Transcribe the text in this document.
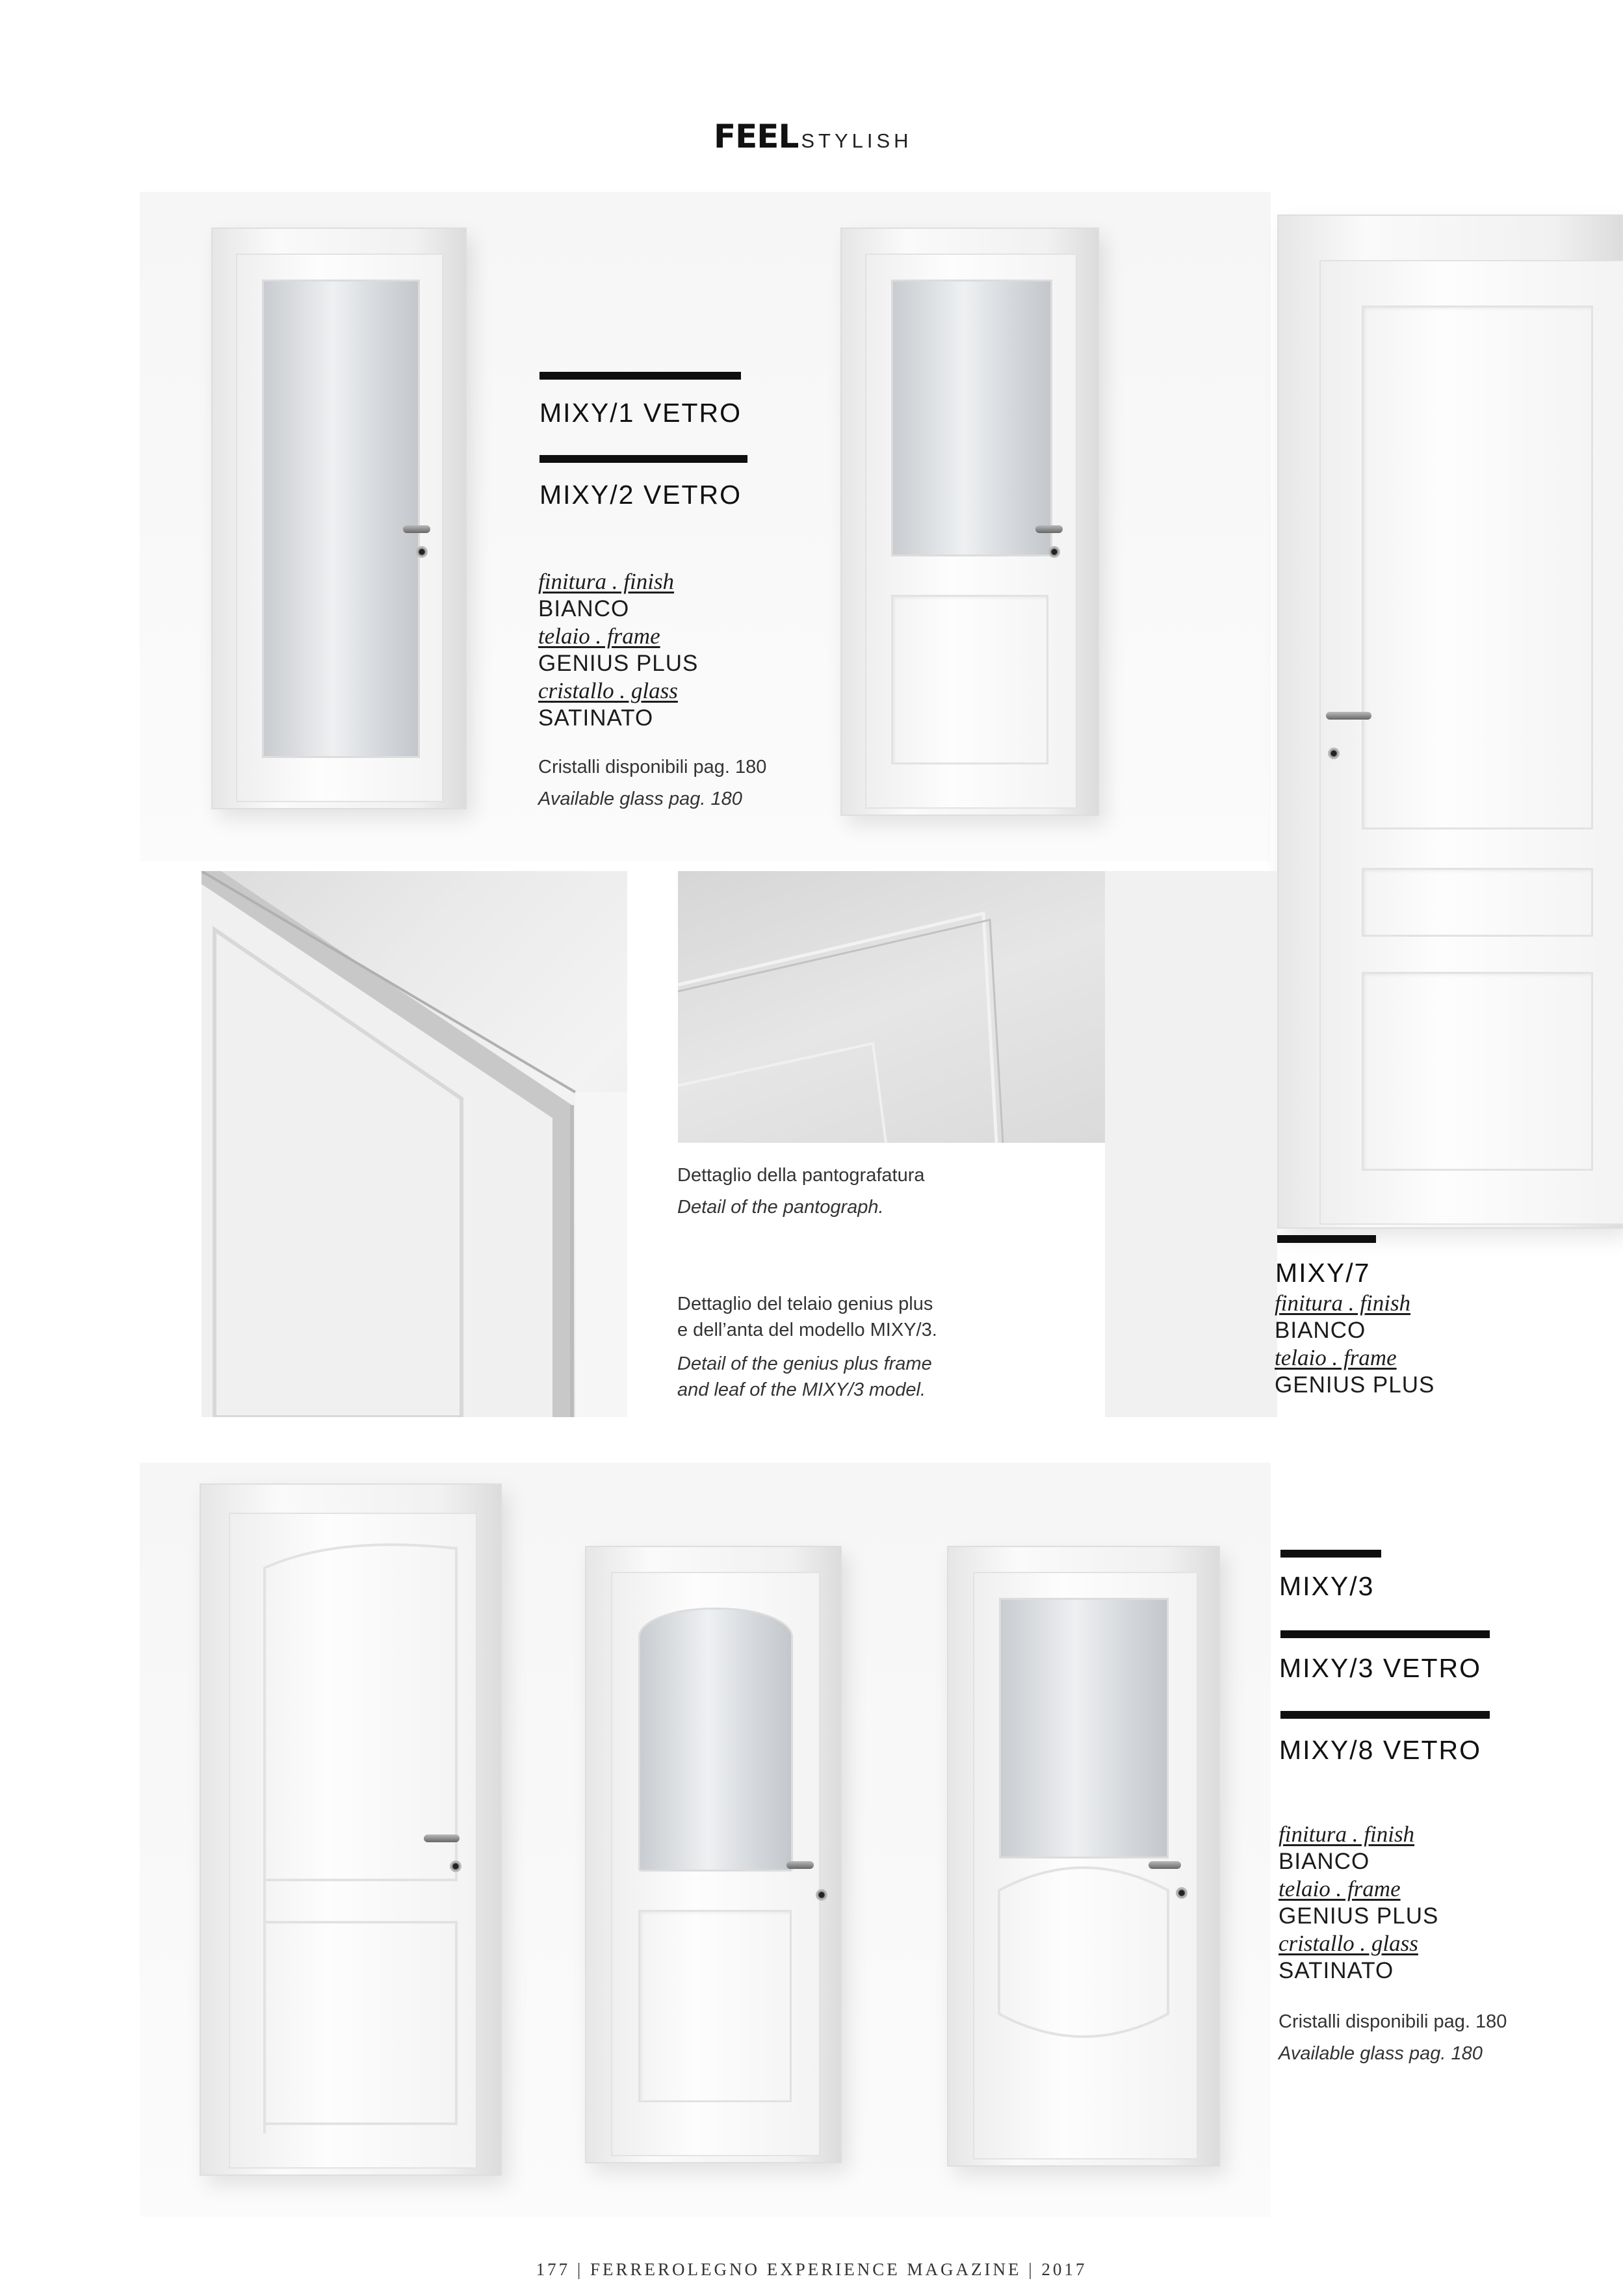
FEEL STYLISH
MIXY/1 VETRO
MIXY/2 VETRO
finitura . finish
BIANCO
telaio . frame
GENIUS PLUS
cristallo . glass
SATINATO
Cristalli disponibili pag. 180
Available glass pag. 180
Dettaglio della pantografatura
Detail of the pantograph.
Dettaglio del telaio genius plus
e dell’anta del modello MIXY/3.
Detail of the genius plus frame
and leaf of the MIXY/3 model.
MIXY/7
finitura . finish
BIANCO
telaio . frame
GENIUS PLUS
MIXY/3
MIXY/3 VETRO
MIXY/8 VETRO
finitura . finish
BIANCO
telaio . frame
GENIUS PLUS
cristallo . glass
SATINATO
Cristalli disponibili pag. 180
Available glass pag. 180
177 | FERREROLEGNO EXPERIENCE MAGAZINE | 2017
